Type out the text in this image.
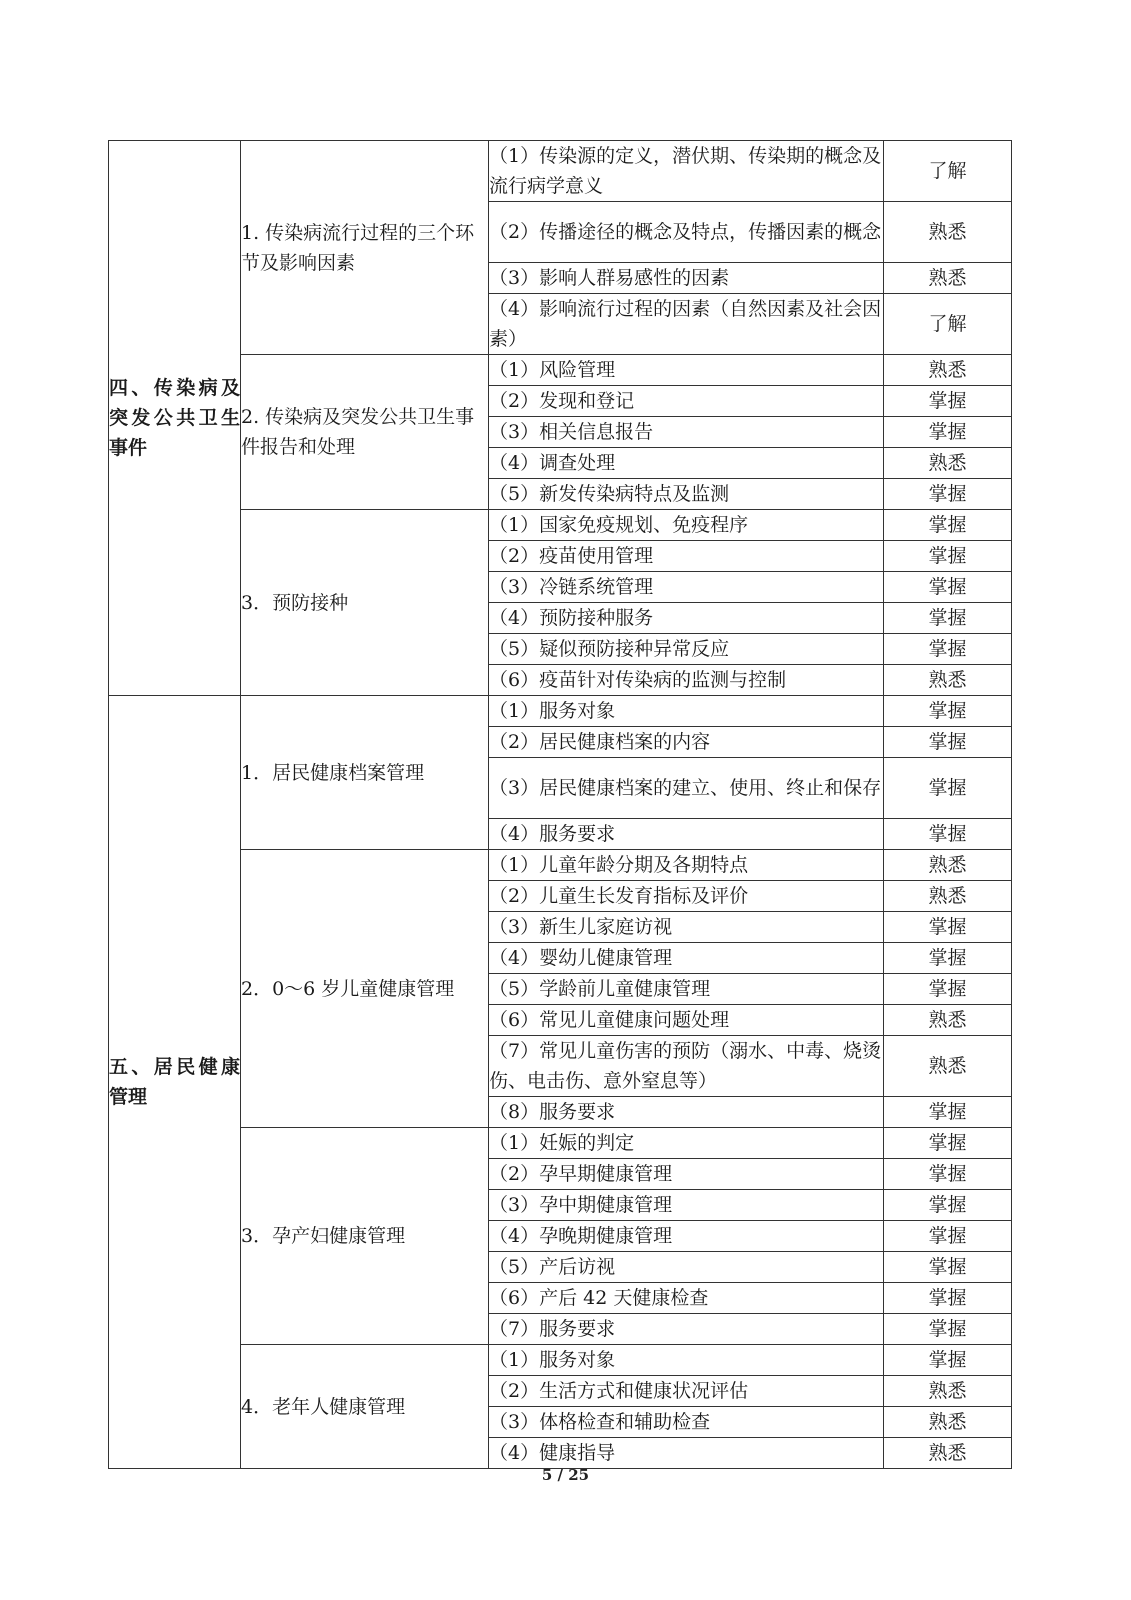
四、传染病及突发公共卫生事件	1. 传染病流行过程的三个环节及影响因素	（1）传染源的定义，潜伏期、传染期的概念及流行病学意义	了解
		（2）传播途径的概念及特点，传播因素的概念	熟悉
		（3）影响人群易感性的因素	熟悉
		（4）影响流行过程的因素（自然因素及社会因素）	了解
	2. 传染病及突发公共卫生事件报告和处理	（1）风险管理	熟悉
		（2）发现和登记	掌握
		（3）相关信息报告	掌握
		（4）调查处理	熟悉
		（5）新发传染病特点及监测	掌握
	3．预防接种	（1）国家免疫规划、免疫程序	掌握
		（2）疫苗使用管理	掌握
		（3）冷链系统管理	掌握
		（4）预防接种服务	掌握
		（5）疑似预防接种异常反应	掌握
		（6）疫苗针对传染病的监测与控制	熟悉
五、居民健康管理	1．居民健康档案管理	（1）服务对象	掌握
		（2）居民健康档案的内容	掌握
		（3）居民健康档案的建立、使用、终止和保存	掌握
		（4）服务要求	掌握
	2．0～6 岁儿童健康管理	（1）儿童年龄分期及各期特点	熟悉
		（2）儿童生长发育指标及评价	熟悉
		（3）新生儿家庭访视	掌握
		（4）婴幼儿健康管理	掌握
		（5）学龄前儿童健康管理	掌握
		（6）常见儿童健康问题处理	熟悉
		（7）常见儿童伤害的预防（溺水、中毒、烧烫伤、电击伤、意外窒息等）	熟悉
		（8）服务要求	掌握
	3．孕产妇健康管理	（1）妊娠的判定	掌握
		（2）孕早期健康管理	掌握
		（3）孕中期健康管理	掌握
		（4）孕晚期健康管理	掌握
		（5）产后访视	掌握
		（6）产后 42 天健康检查	掌握
		（7）服务要求	掌握
	4．老年人健康管理	（1）服务对象	掌握
		（2）生活方式和健康状况评估	熟悉
		（3）体格检查和辅助检查	熟悉
		（4）健康指导	熟悉
5 / 25
